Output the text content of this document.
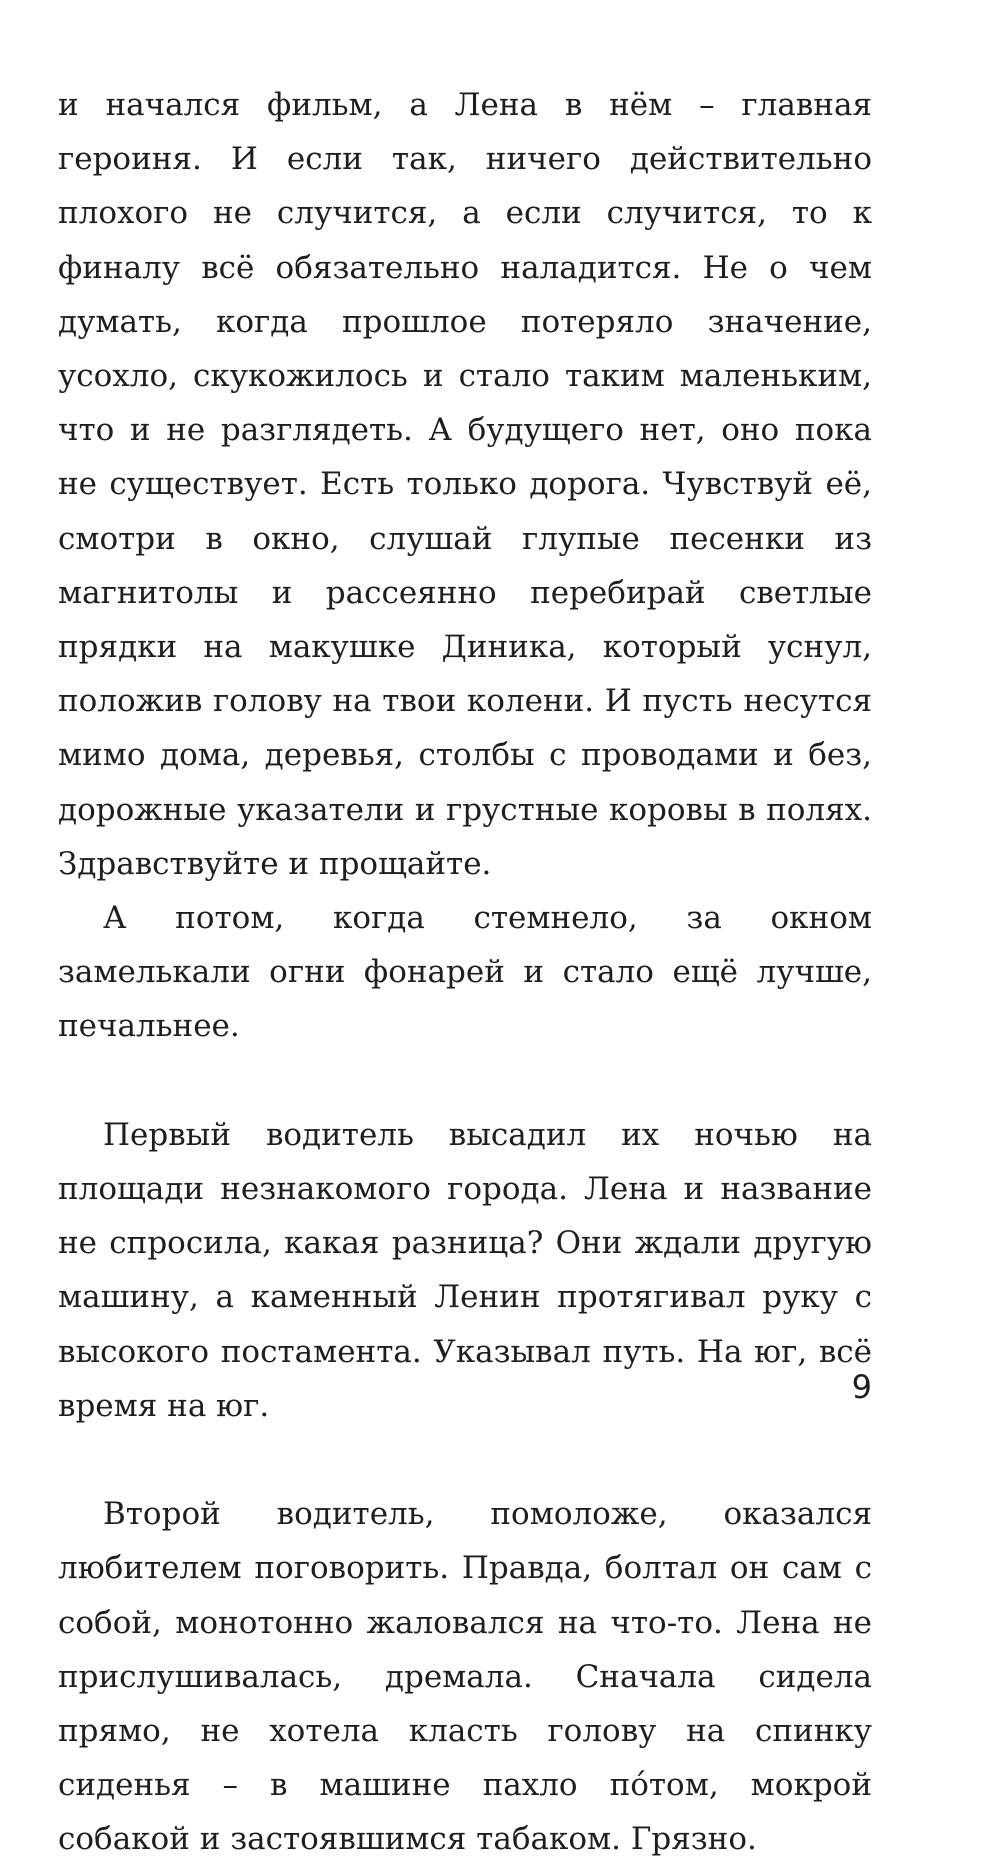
и начался фильм, а Лена в нём – главная героиня. И если так, ничего действительно плохого не случится, а если случится, то к финалу всё обязательно наладится. Не о чем думать, когда прошлое потеряло значение, усохло, скукожилось и стало таким маленьким, что и не разглядеть. А будущего нет, оно пока не существует. Есть только дорога. Чувствуй её, смотри в окно, слушай глупые песенки из магнитолы и рассеянно перебирай светлые прядки на макушке Диника, который уснул, положив голову на твои колени. И пусть несутся мимо дома, деревья, столбы с проводами и без, дорожные указатели и грустные коровы в полях. Здравствуйте и прощайте.

А потом, когда стемнело, за окном замелькали огни фонарей и стало ещё лучше, печальнее.

Первый водитель высадил их ночью на площади незнакомого города. Лена и название не спросила, какая разница? Они ждали другую машину, а каменный Ленин протягивал руку с высокого постамента. Указывал путь. На юг, всё время на юг.

Второй водитель, помоложе, оказался любителем поговорить. Правда, болтал он сам с собой, монотонно жаловался на что-то. Лена не прислушивалась, дремала. Сначала сидела прямо, не хотела класть голову на спинку сиденья – в машине пахло по́том, мокрой собакой и застоявшимся табаком. Грязно.

9
